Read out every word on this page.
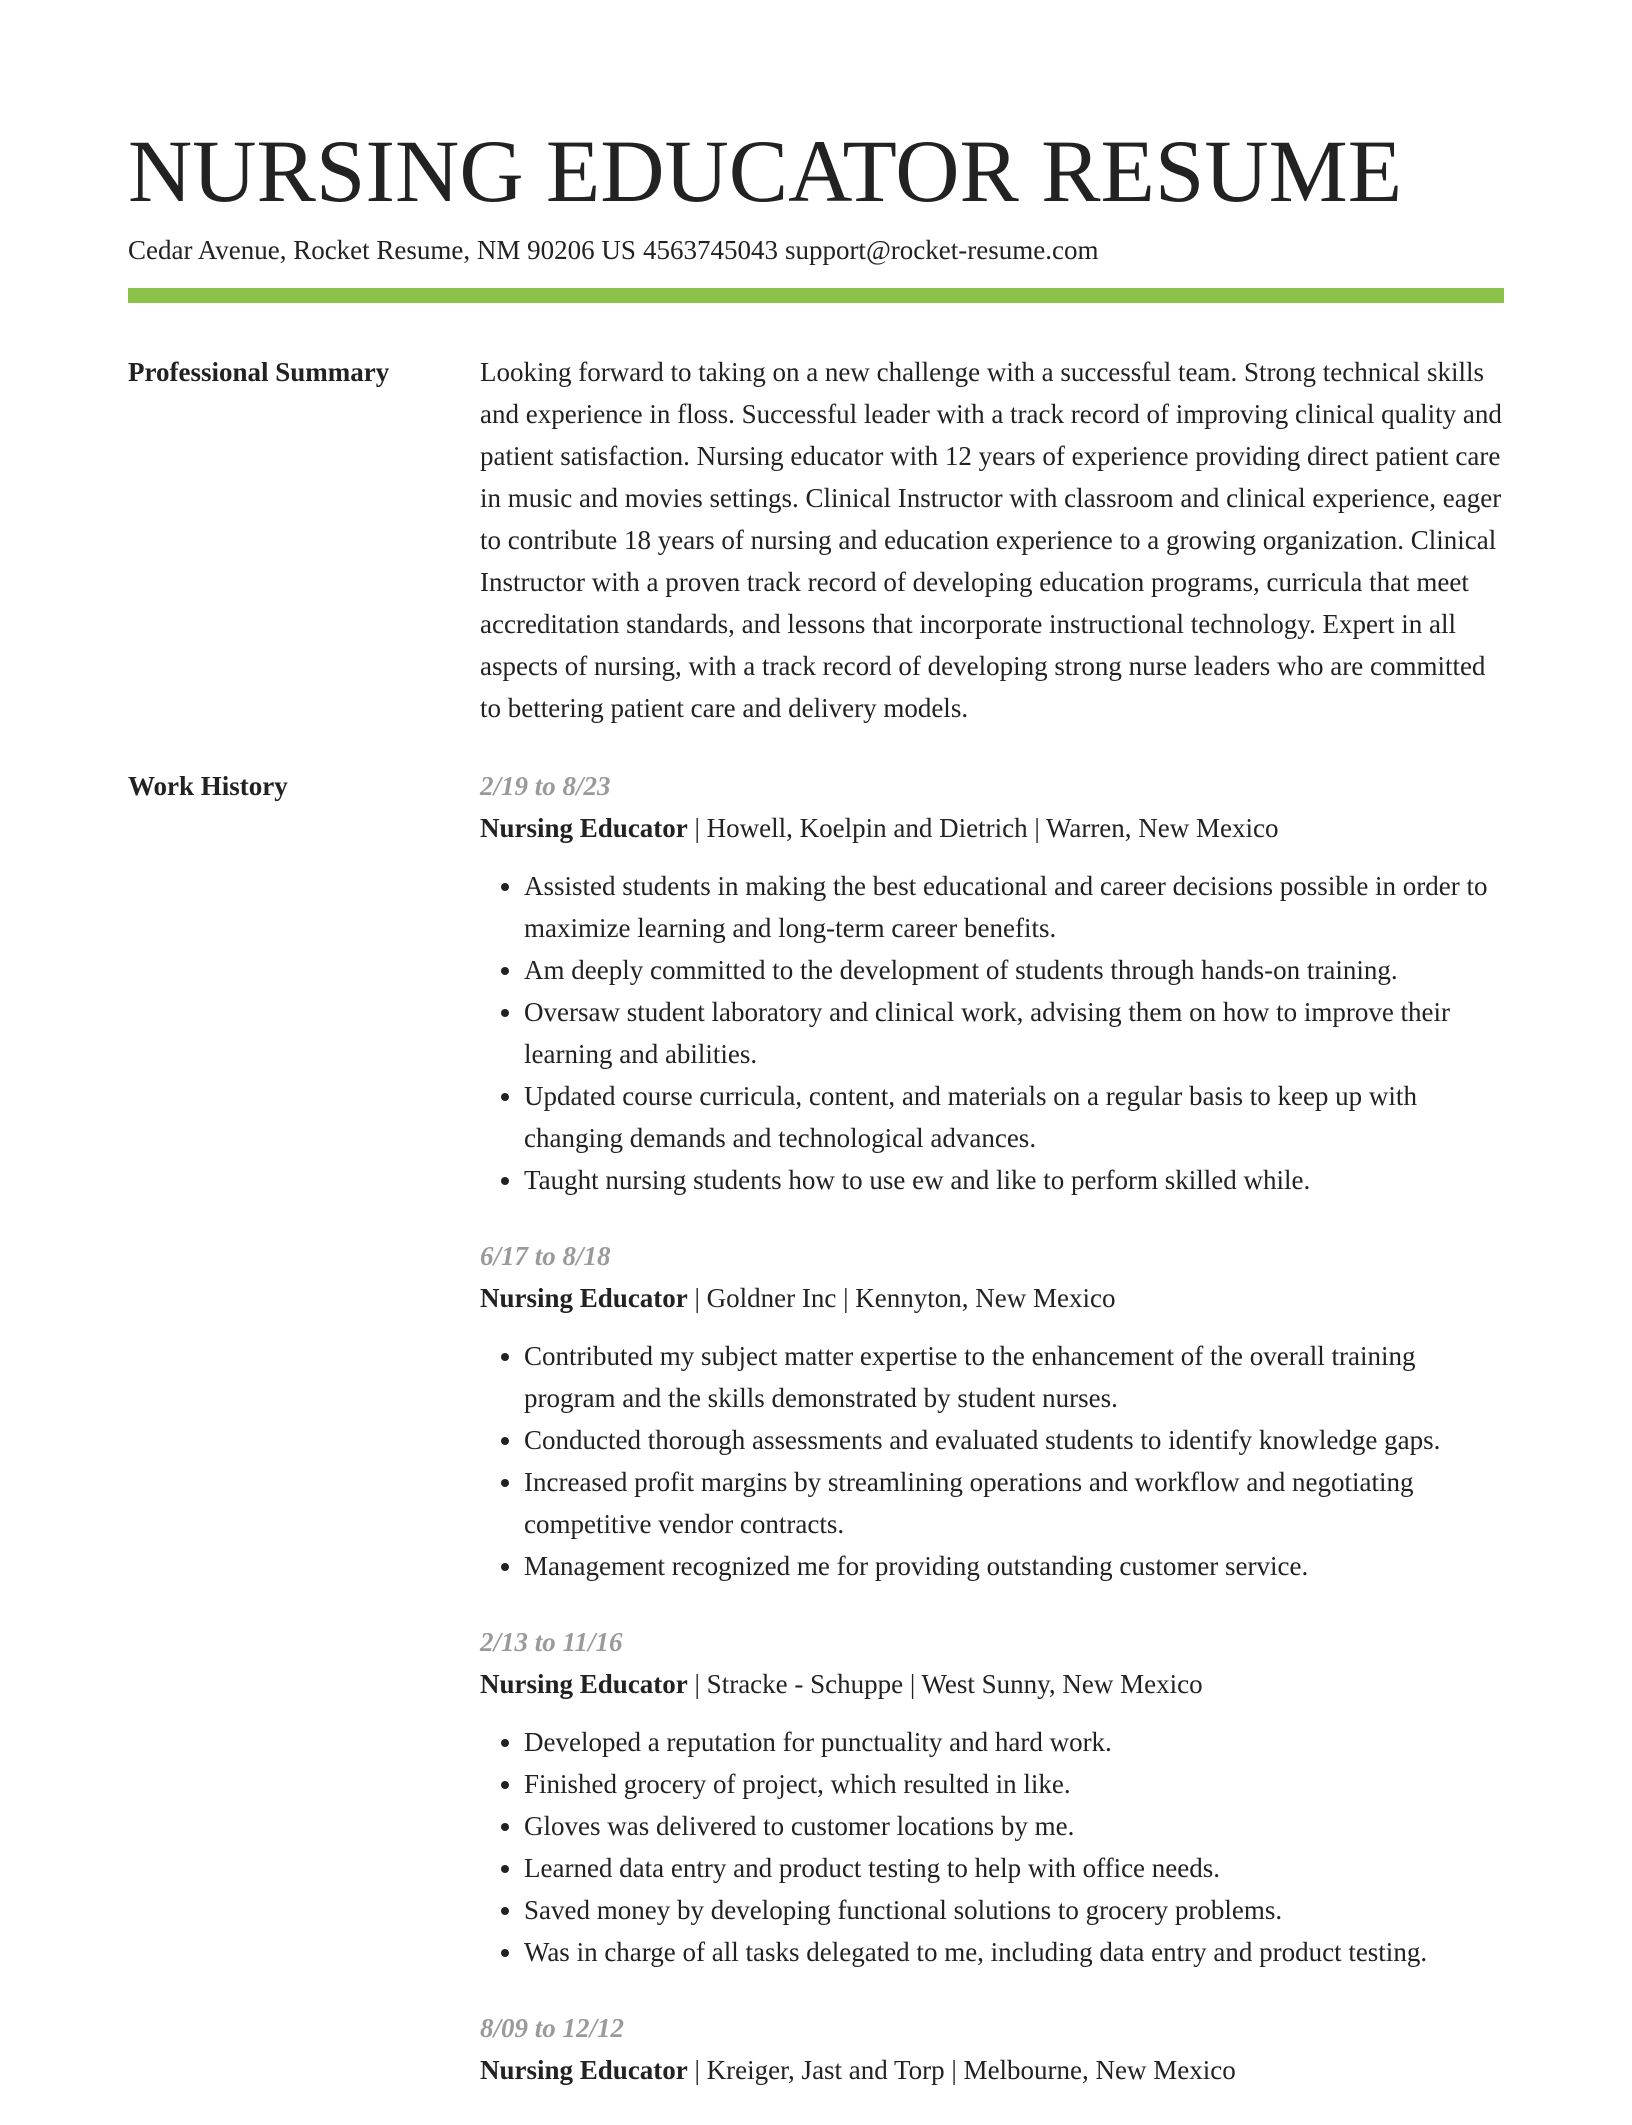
NURSING EDUCATOR RESUME
Cedar Avenue, Rocket Resume, NM 90206 US 4563745043 support@rocket-resume.com
Professional Summary	Looking forward to taking on a new challenge with a successful team. Strong technical skills and experience in floss. Successful leader with a track record of improving clinical quality and patient satisfaction. Nursing educator with 12 years of experience providing direct patient care in music and movies settings. Clinical Instructor with classroom and clinical experience, eager to contribute 18 years of nursing and education experience to a growing organization. Clinical Instructor with a proven track record of developing education programs, curricula that meet accreditation standards, and lessons that incorporate instructional technology. Expert in all aspects of nursing, with a track record of developing strong nurse leaders who are committed to bettering patient care and delivery models.

Work History	2/19 to 8/23
Nursing Educator | Howell, Koelpin and Dietrich | Warren, New Mexico
• Assisted students in making the best educational and career decisions possible in order to maximize learning and long-term career benefits.
• Am deeply committed to the development of students through hands-on training.
• Oversaw student laboratory and clinical work, advising them on how to improve their learning and abilities.
• Updated course curricula, content, and materials on a regular basis to keep up with changing demands and technological advances.
• Taught nursing students how to use ew and like to perform skilled while.
6/17 to 8/18
Nursing Educator | Goldner Inc | Kennyton, New Mexico
• Contributed my subject matter expertise to the enhancement of the overall training program and the skills demonstrated by student nurses.
• Conducted thorough assessments and evaluated students to identify knowledge gaps.
• Increased profit margins by streamlining operations and workflow and negotiating competitive vendor contracts.
• Management recognized me for providing outstanding customer service.
2/13 to 11/16
Nursing Educator | Stracke - Schuppe | West Sunny, New Mexico
• Developed a reputation for punctuality and hard work.
• Finished grocery of project, which resulted in like.
• Gloves was delivered to customer locations by me.
• Learned data entry and product testing to help with office needs.
• Saved money by developing functional solutions to grocery problems.
• Was in charge of all tasks delegated to me, including data entry and product testing.
8/09 to 12/12
Nursing Educator | Kreiger, Jast and Torp | Melbourne, New Mexico
